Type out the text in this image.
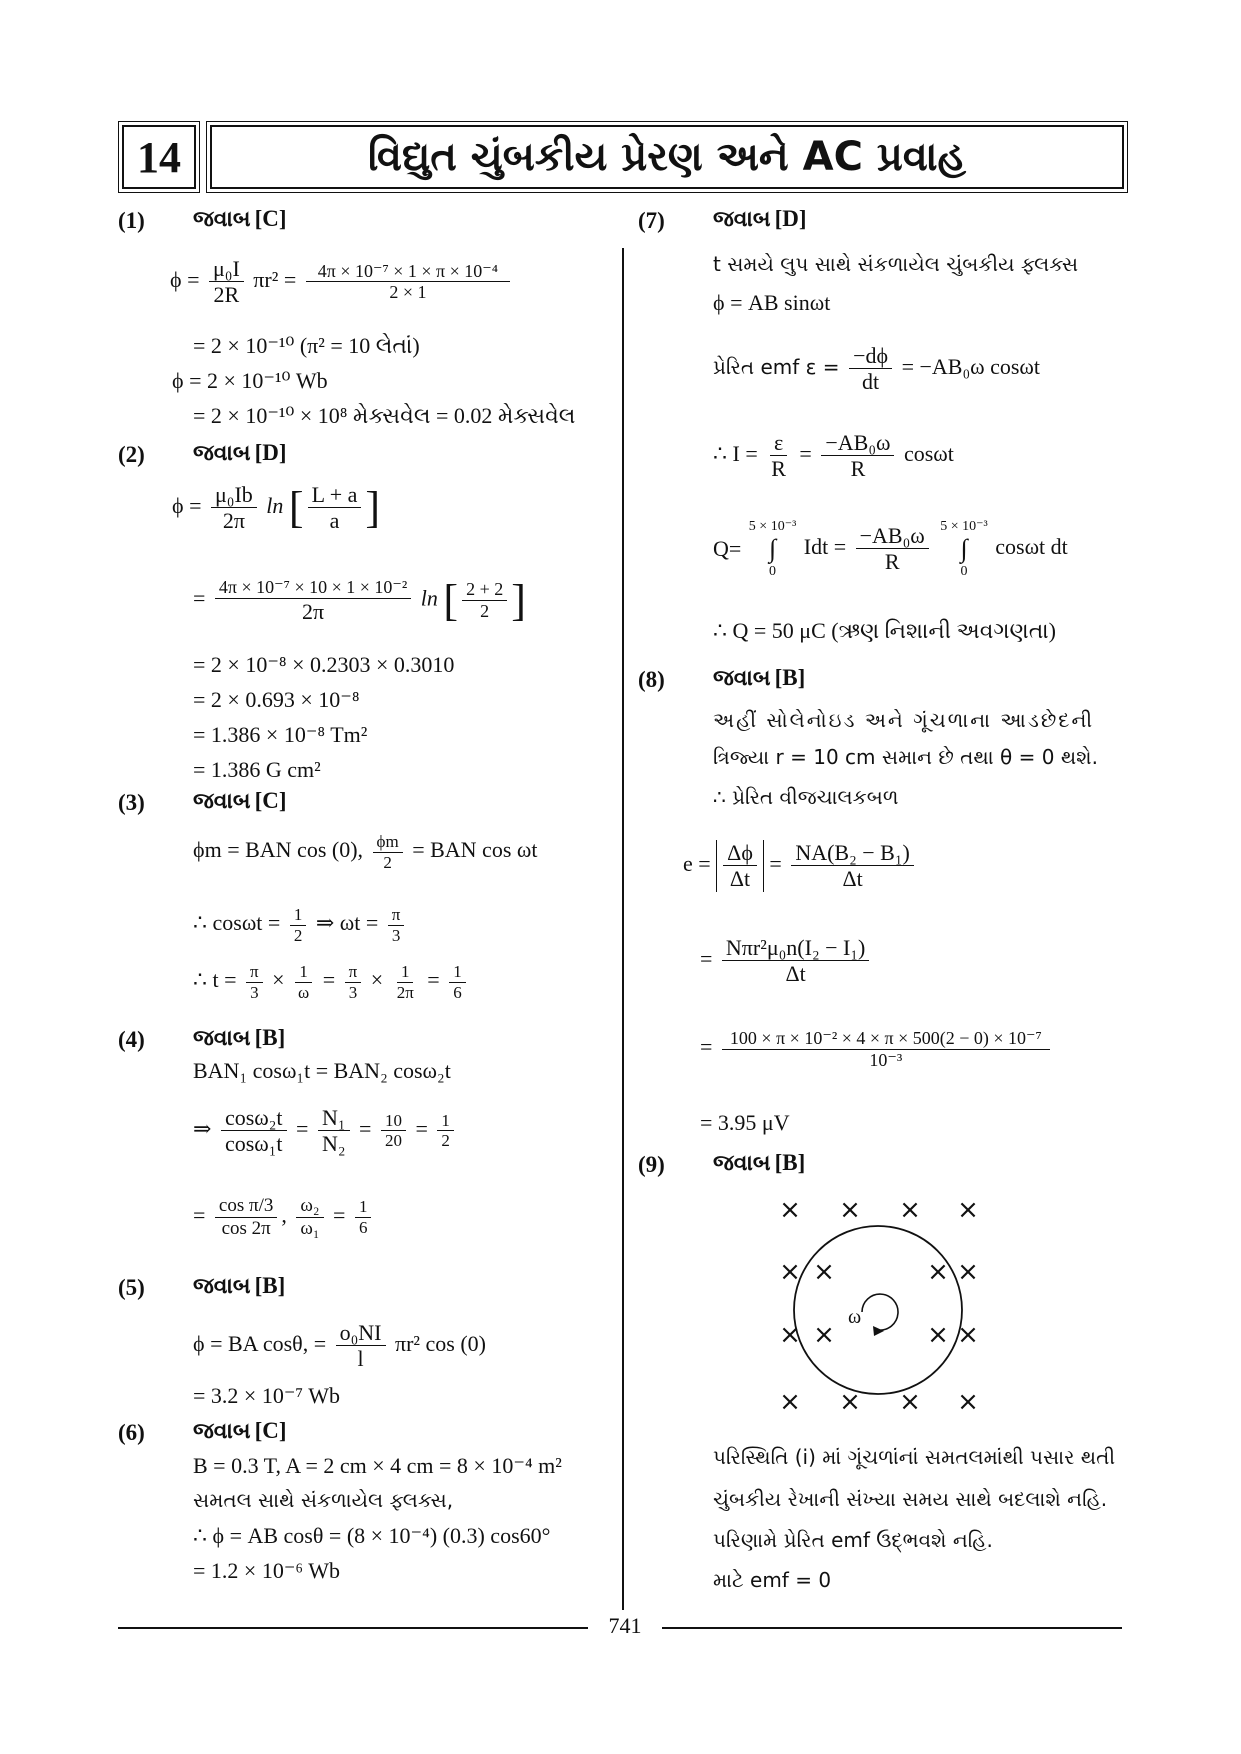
14	વિદ્યુત ચુંબકીય પ્રેરણ અને AC પ્રવાહ
(1) જવાબ [C]
$\phi = \frac{\text{μ₀I}}{2R} \pi r^2 = \frac{\text{4π × 10⁻⁷ × 1 × π × 10⁻⁴}}{2 \times 1}$
= 2 × 10⁻¹⁰ (π² = 10 લેતાં)
ϕ = 2 × 10⁻¹⁰ Wb
= 2 × 10⁻¹⁰ × 10⁸ મેક્સવેલ = 0.02 મેક્સવેલ
(2) જવાબ [D]
$\phi = \frac{\text{μ₀Ib}}{2\pi}$ ln [ $\frac{L + a}{a}$ ]
= $\frac{\text{4π × 10⁻⁷ × 10 × 1 × 10⁻²}}{2\pi}$ ln [ $\frac{2 + 2}{2}$ ]
= 2 × 10⁻⁸ × 0.2303 × 0.3010
= 2 × 0.693 × 10⁻⁸
= 1.386 × 10⁻⁸ Tm²
= 1.386 G cm²
(3) જવાબ [C]
ϕm = BAN cos (0), $\frac{\phi m}{2}$ = BAN cos ωt
∴ $\cos\omega t = \frac{1}{2}$ ⇒ $\omega t = \frac{\pi}{3}$
∴ $t = \frac{\pi}{3} \times \frac{1}{\omega} = \frac{\pi}{3} \times \frac{1}{2\pi} = \frac{1}{6}$
(4) જવાબ [B]
BAN₁ cosω₁t = BAN₂ cosω₂t
⇒ $\frac{\text{cosω₂t}}{\text{cosω₁t}} = \frac{\text{N₁}}{\text{N₂}} = \frac{10}{20} = \frac{1}{2}$
= $\frac{\text{cos π/3}}{\cos 2\pi}$ , $\frac{\text{ω₂}}{\text{ω₁}} = \frac{1}{6}$
(5) જવાબ [B]
ϕ = BA cosθ, = $\frac{\text{o₀NI}}{l} \pi r^2$ cos (0)
= 3.2 × 10⁻⁷ Wb
(6) જવાબ [C]
B = 0.3 T, A = 2 cm × 4 cm = 8 × 10⁻⁴ m²
સમતલ સાથે સંકળાયેલ ફ્લક્સ,
∴ ϕ = AB cosθ = (8 × 10⁻⁴) (0.3) cos60°
= 1.2 × 10⁻⁶ Wb
(7) જવાબ [D]
t સમયે લુપ સાથે સંકળાયેલ ચુંબકીય ફ્લક્સ
ϕ = AB sinωt
પ્રેરિત emf $\varepsilon = \frac{-d\phi}{dt} = -AB_0\omega$ cosωt
∴ $I = \frac{\varepsilon}{R} = \frac{\text{−AB₀ω}}{R}$ cosωt
Q=
5 × 10⁻³
∫
0
Idt = $\frac{\text{−AB₀ω}}{R}$
5 × 10⁻³
∫
0
cosωt dt
∴ Q = 50 μC (ઋણ નિશાની અવગણતા)
(8) જવાબ [B]
અહીં સોલેનોઇડ અને ગૂંચળાના આડછેદની
ત્રિજ્યા r = 10 cm સમાન છે તથા θ = 0 થશે.
∴ પ્રેરિત વીજચાલકબળ
$e = \frac{\Delta\phi}{\Delta t} = \frac{\text{NA(B₂ − B₁)}}{\Delta t}$
= $\frac{\text{Nπr²μ₀n(I₂ − I₁)}}{\Delta t}$
= $\frac{\text{100 × π × 10⁻² × 4 × π × 500(2 − 0) × 10⁻⁷}}{\text{10⁻³}}$
= 3.95 μV
(9) જવાબ [B]
× × × ×
× ×	× ×
× ×	× ×
× × × ×
ω
પરિસ્થિતિ (i) માં ગૂંચળાંનાં સમતલમાંથી પસાર થતી
ચુંબકીય રેખાની સંખ્યા સમય સાથે બદલાશે નહિ.
પરિણામે પ્રેરિત emf ઉદ્ભવશે નહિ.
માટે emf = 0
741
